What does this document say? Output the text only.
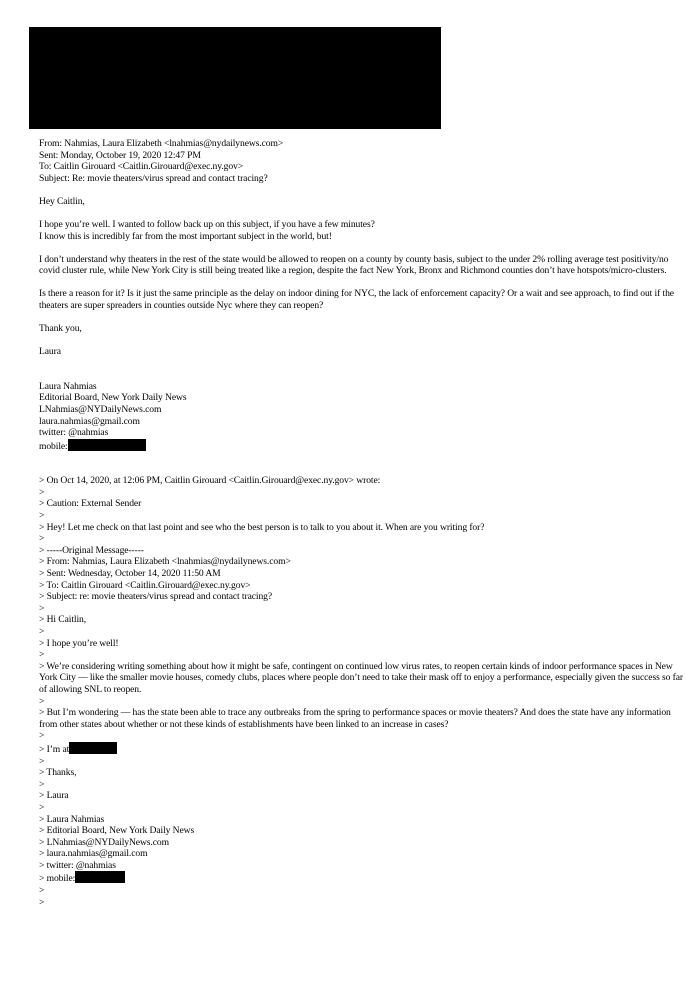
From: Nahmias, Laura Elizabeth <lnahmias@nydailynews.com>
Sent: Monday, October 19, 2020 12:47 PM
To: Caitlin Girouard <Caitlin.Girouard@exec.ny.gov>
Subject: Re: movie theaters/virus spread and contact tracing?
Hey Caitlin,
I hope you’re well. I wanted to follow back up on this subject, if you have a few minutes?
I know this is incredibly far from the most important subject in the world, but!
I don’t understand why theaters in the rest of the state would be allowed to reopen on a county by county basis, subject to the under 2% rolling average test positivity/no covid cluster rule, while New York City is still being treated like a region, despite the fact New York, Bronx and Richmond counties don’t have hotspots/micro-clusters.
Is there a reason for it? Is it just the same principle as the delay on indoor dining for NYC, the lack of enforcement capacity? Or a wait and see approach, to find out if the theaters are super spreaders in counties outside Nyc where they can reopen?
Thank you,
Laura
Laura Nahmias
Editorial Board, New York Daily News
LNahmias@NYDailyNews.com
laura.nahmias@gmail.com
twitter: @nahmias
mobile:
> On Oct 14, 2020, at 12:06 PM, Caitlin Girouard <Caitlin.Girouard@exec.ny.gov> wrote:
>
> Caution: External Sender
>
> Hey! Let me check on that last point and see who the best person is to talk to you about it. When are you writing for?
>
> -----Original Message-----
> From: Nahmias, Laura Elizabeth <lnahmias@nydailynews.com>
> Sent: Wednesday, October 14, 2020 11:50 AM
> To: Caitlin Girouard <Caitlin.Girouard@exec.ny.gov>
> Subject: re: movie theaters/virus spread and contact tracing?
>
> Hi Caitlin,
>
> I hope you’re well!
>
> We’re considering writing something about how it might be safe, contingent on continued low virus rates, to reopen certain kinds of indoor performance spaces in New York City — like the smaller movie houses, comedy clubs, places where people don’t need to take their mask off to enjoy a performance, especially given the success so far of allowing SNL to reopen.
>
> But I’m wondering — has the state been able to trace any outbreaks from the spring to performance spaces or movie theaters? And does the state have any information from other states about whether or not these kinds of establishments have been linked to an increase in cases?
>
> I’m at
>
> Thanks,
>
> Laura
>
> Laura Nahmias
> Editorial Board, New York Daily News
> LNahmias@NYDailyNews.com
> laura.nahmias@gmail.com
> twitter: @nahmias
> mobile:
>
>
